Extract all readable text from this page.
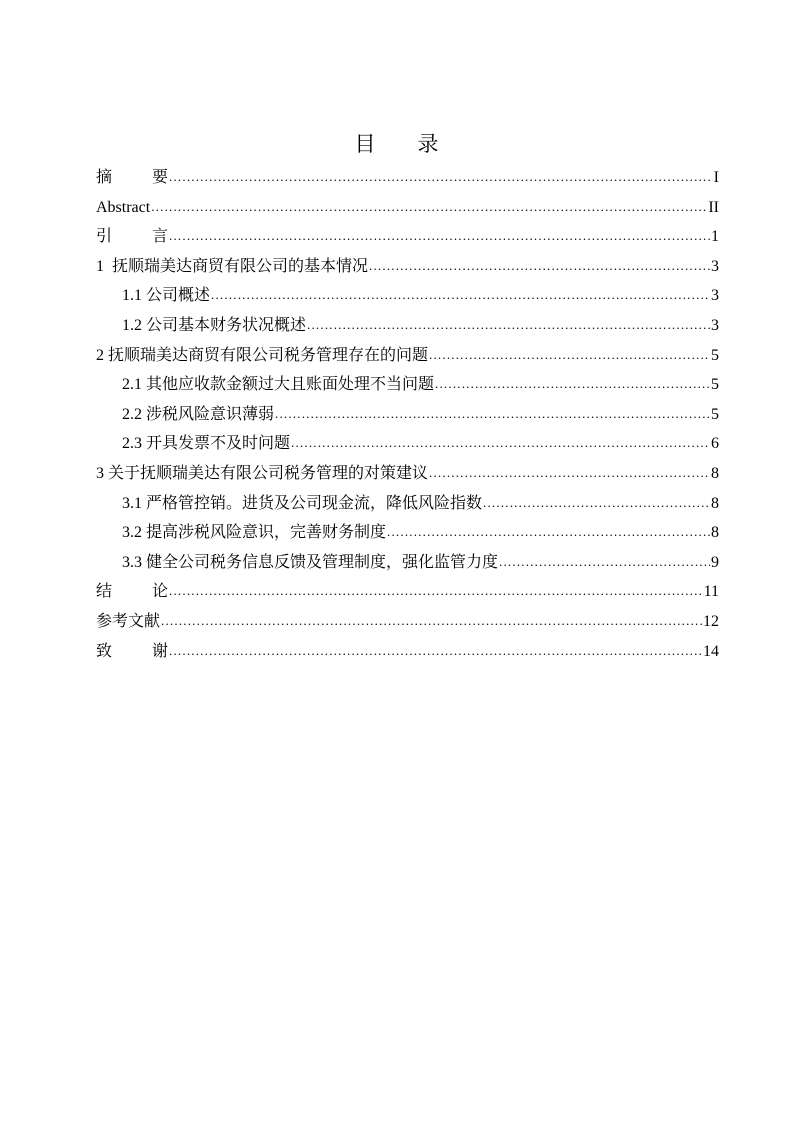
目 录
摘	要 .....	I
Abstract .....	II
引	言 .....	1
1  抚顺瑞美达商贸有限公司的基本情况 .....	3
1.1 公司概述 .....	3
1.2 公司基本财务状况概述 .....	3
2 抚顺瑞美达商贸有限公司税务管理存在的问题 .....	5
2.1 其他应收款金额过大且账面处理不当问题 .....	5
2.2 涉税风险意识薄弱 .....	5
2.3 开具发票不及时问题 .....	6
3 关于抚顺瑞美达有限公司税务管理的对策建议 .....	8
3.1 严格管控销。进货及公司现金流，降低风险指数 .....	8
3.2 提高涉税风险意识，完善财务制度 .....	8
3.3 健全公司税务信息反馈及管理制度，强化监管力度 .....	9
结	论 .....	11
参考文献 .....	12
致	谢 .....	14
